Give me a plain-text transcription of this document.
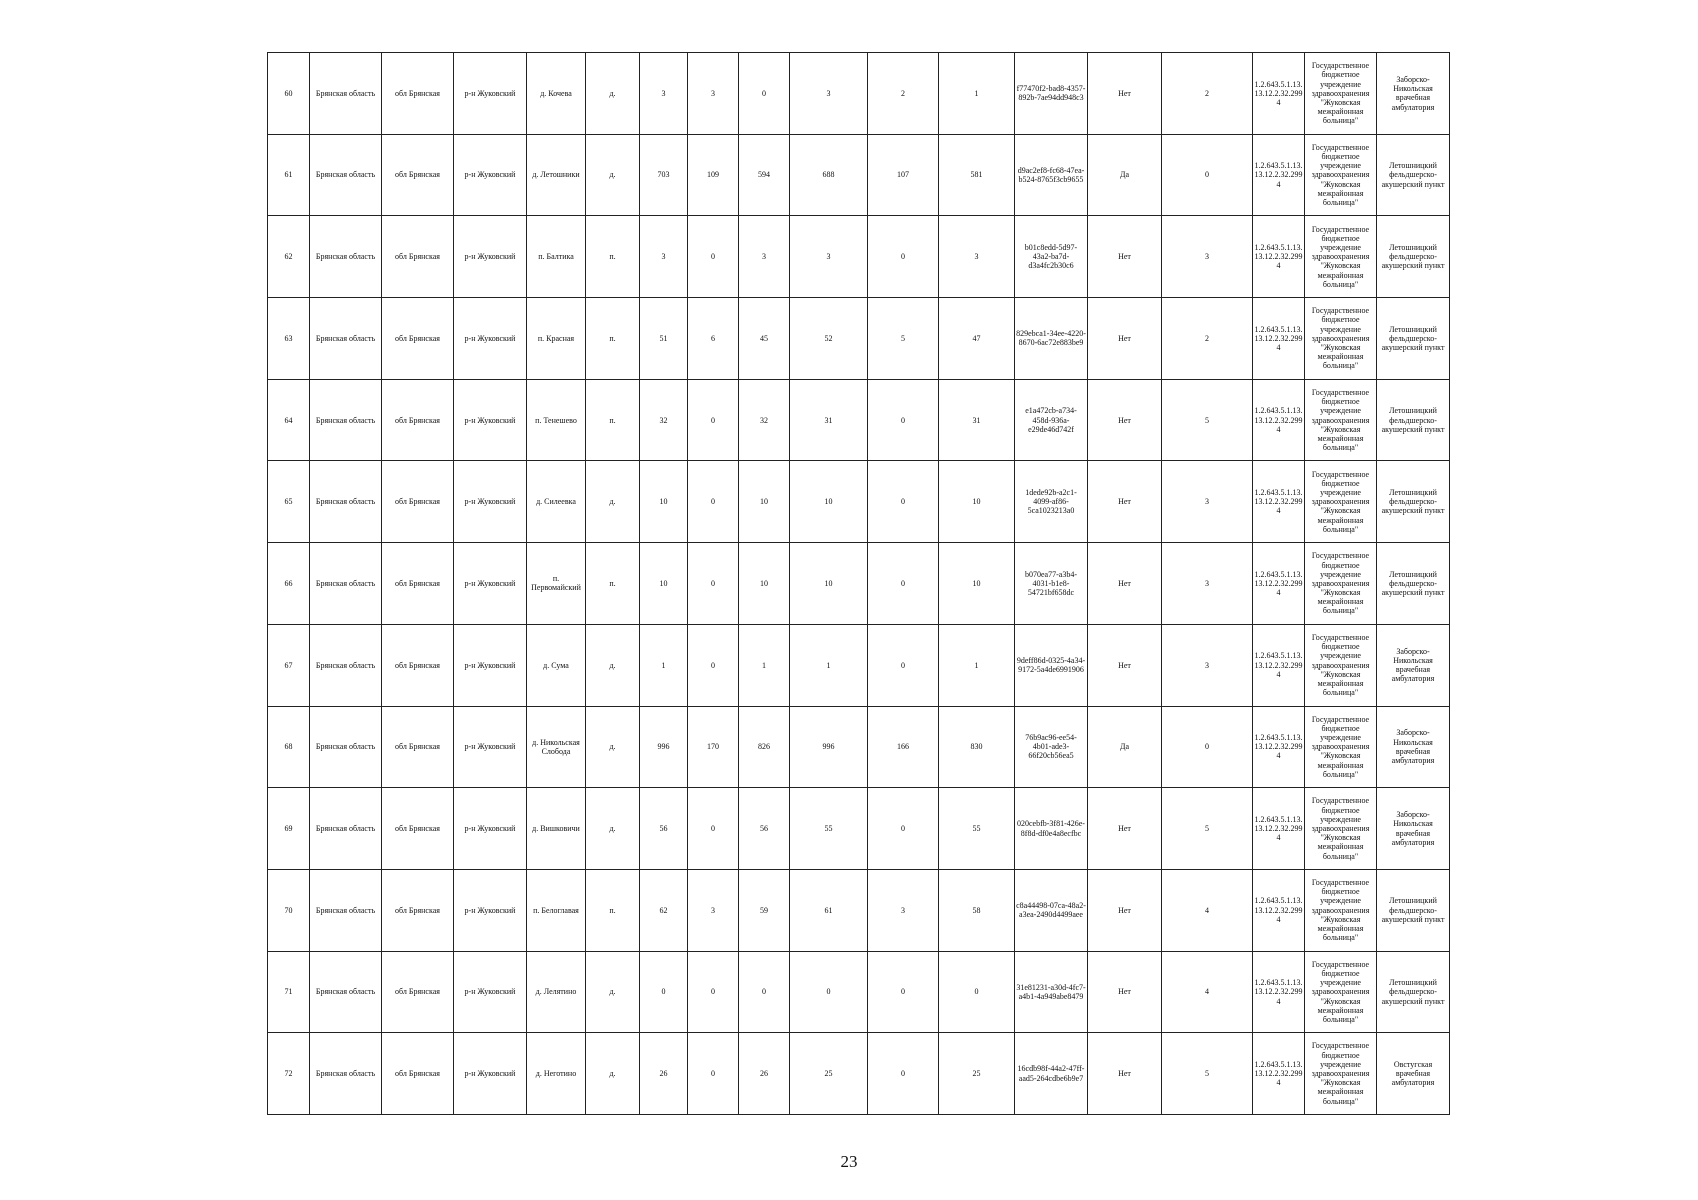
60	Брянская область	обл Брянская	р-н Жуковский	д. Кочева	д.	3	3	0	3	2	1	f77470f2-bad8-4357-892b-7ae94dd948c3	Нет	2	1.2.643.5.1.13.13.12.2.32.2994	Государственное бюджетное учреждение здравоохранения "Жуковская межрайонная больница"	Заборско-Никольская врачебная амбулатория
61	Брянская область	обл Брянская	р-н Жуковский	д. Летошники	д.	703	109	594	688	107	581	d9ac2ef8-fc68-47ea-b524-8765f3cb9655	Да	0	1.2.643.5.1.13.13.12.2.32.2994	Государственное бюджетное учреждение здравоохранения "Жуковская межрайонная больница"	Летошницкий фельдшерско-акушерский пункт
62	Брянская область	обл Брянская	р-н Жуковский	п. Балтика	п.	3	0	3	3	0	3	b01c8edd-5d97-43a2-ba7d-d3a4fc2b30c6	Нет	3	1.2.643.5.1.13.13.12.2.32.2994	Государственное бюджетное учреждение здравоохранения "Жуковская межрайонная больница"	Летошницкий фельдшерско-акушерский пункт
63	Брянская область	обл Брянская	р-н Жуковский	п. Красная	п.	51	6	45	52	5	47	829ebca1-34ee-4220-8670-6ac72e883be9	Нет	2	1.2.643.5.1.13.13.12.2.32.2994	Государственное бюджетное учреждение здравоохранения "Жуковская межрайонная больница"	Летошницкий фельдшерско-акушерский пункт
64	Брянская область	обл Брянская	р-н Жуковский	п. Тенешево	п.	32	0	32	31	0	31	e1a472cb-a734-458d-936a-e29de46d742f	Нет	5	1.2.643.5.1.13.13.12.2.32.2994	Государственное бюджетное учреждение здравоохранения "Жуковская межрайонная больница"	Летошницкий фельдшерско-акушерский пункт
65	Брянская область	обл Брянская	р-н Жуковский	д. Силеевка	д.	10	0	10	10	0	10	1dede92b-a2c1-4099-af86-5ca1023213a0	Нет	3	1.2.643.5.1.13.13.12.2.32.2994	Государственное бюджетное учреждение здравоохранения "Жуковская межрайонная больница"	Летошницкий фельдшерско-акушерский пункт
66	Брянская область	обл Брянская	р-н Жуковский	п. Первомайский	п.	10	0	10	10	0	10	b070ea77-a3b4-4031-b1e8-54721bf658dc	Нет	3	1.2.643.5.1.13.13.12.2.32.2994	Государственное бюджетное учреждение здравоохранения "Жуковская межрайонная больница"	Летошницкий фельдшерско-акушерский пункт
67	Брянская область	обл Брянская	р-н Жуковский	д. Сума	д.	1	0	1	1	0	1	9deff86d-0325-4a34-9172-5a4de6991906	Нет	3	1.2.643.5.1.13.13.12.2.32.2994	Государственное бюджетное учреждение здравоохранения "Жуковская межрайонная больница"	Заборско-Никольская врачебная амбулатория
68	Брянская область	обл Брянская	р-н Жуковский	д. Никольская Слобода	д.	996	170	826	996	166	830	76b9ac96-ee54-4b01-ade3-66f20cb56ea5	Да	0	1.2.643.5.1.13.13.12.2.32.2994	Государственное бюджетное учреждение здравоохранения "Жуковская межрайонная больница"	Заборско-Никольская врачебная амбулатория
69	Брянская область	обл Брянская	р-н Жуковский	д. Вишковичи	д.	56	0	56	55	0	55	020cebfb-3f81-426e-8f8d-df0e4a8ecfbc	Нет	5	1.2.643.5.1.13.13.12.2.32.2994	Государственное бюджетное учреждение здравоохранения "Жуковская межрайонная больница"	Заборско-Никольская врачебная амбулатория
70	Брянская область	обл Брянская	р-н Жуковский	п. Белоглавая	п.	62	3	59	61	3	58	c8a44498-07ca-48a2-a3ea-2490d4499aee	Нет	4	1.2.643.5.1.13.13.12.2.32.2994	Государственное бюджетное учреждение здравоохранения "Жуковская межрайонная больница"	Летошницкий фельдшерско-акушерский пункт
71	Брянская область	обл Брянская	р-н Жуковский	д. Лелятино	д.	0	0	0	0	0	0	31e81231-a30d-4fc7-a4b1-4a949abe8479	Нет	4	1.2.643.5.1.13.13.12.2.32.2994	Государственное бюджетное учреждение здравоохранения "Жуковская межрайонная больница"	Летошницкий фельдшерско-акушерский пункт
72	Брянская область	обл Брянская	р-н Жуковский	д. Неготино	д.	26	0	26	25	0	25	16cdb98f-44a2-47ff-aad5-264cdbe6b9e7	Нет	5	1.2.643.5.1.13.13.12.2.32.2994	Государственное бюджетное учреждение здравоохранения "Жуковская межрайонная больница"	Овстугская врачебная амбулатория
23
